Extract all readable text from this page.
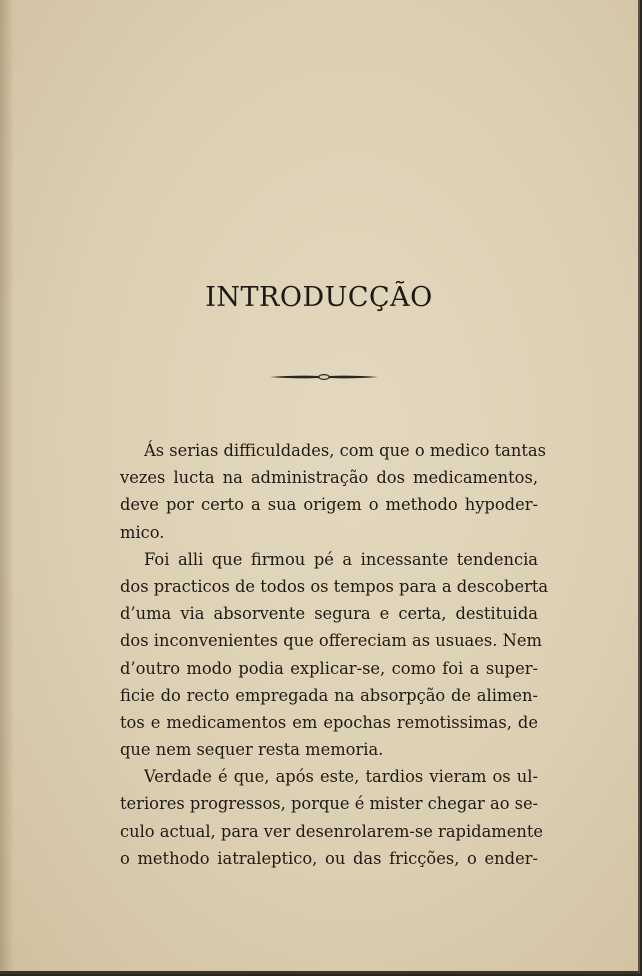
INTRODUCÇÃO
Ás serias difficuldades, com que o medico tantas
vezes lucta na administração dos medicamentos,
deve por certo a sua origem o methodo hypoder-
mico.
Foi alli que firmou pé a incessante tendencia
dos practicos de todos os tempos para a descoberta
d’uma via absorvente segura e certa, destituida
dos inconvenientes que offereciam as usuaes. Nem
d’outro modo podia explicar-se, como foi a super-
ficie do recto empregada na absorpção de alimen-
tos e medicamentos em epochas remotissimas, de
que nem sequer resta memoria.
Verdade é que, após este, tardios vieram os ul-
teriores progressos, porque é mister chegar ao se-
culo actual, para ver desenrolarem-se rapidamente
o methodo iatraleptico, ou das fricções, o ender-
